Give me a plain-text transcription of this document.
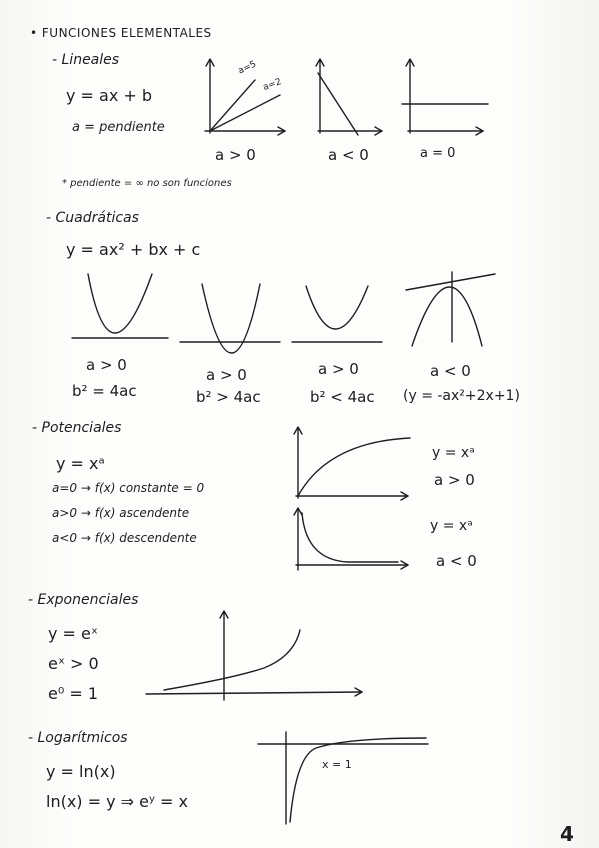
• FUNCIONES ELEMENTALES
- Lineales
y = ax + b
a = pendiente
a=5
a=2
a > 0	a < 0	a = 0
* pendiente = ∞ no son funciones
- Cuadráticas
y = ax² + bx + c
a > 0
b² = 4ac
a > 0
b² > 4ac
a > 0
b² < 4ac
a < 0
(y = -ax²+2x+1)
- Potenciales
y = xᵃ
a=0 → f(x) constante = 0
a>0 → f(x) ascendente
a<0 → f(x) descendente
y = xᵃ
a > 0
y = xᵃ
a < 0
- Exponenciales
y = eˣ
eˣ > 0
e⁰ = 1
- Logarítmicos
y = ln(x)
ln(x) = y ⇒ eʸ = x
x = 1
4
